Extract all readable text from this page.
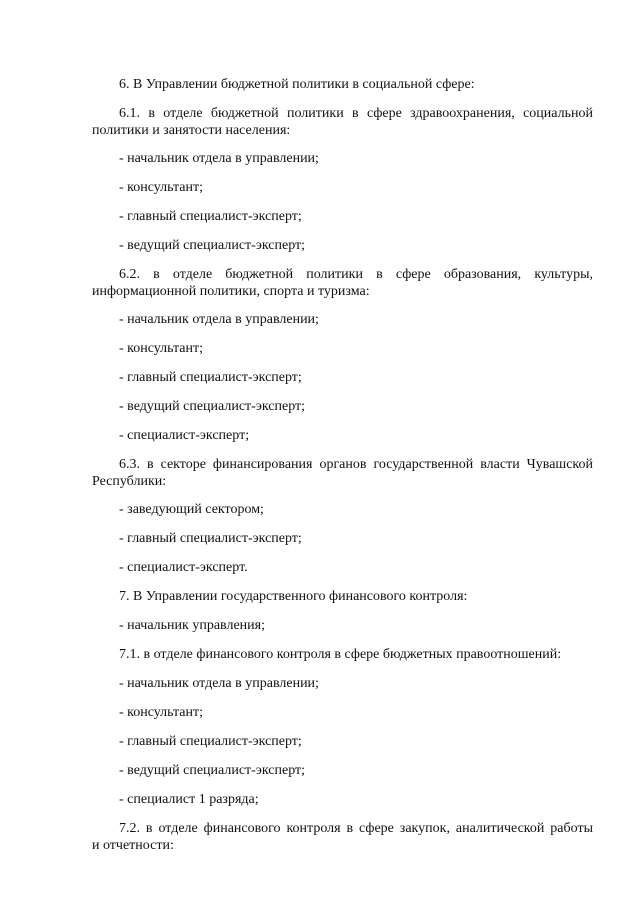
6. В Управлении бюджетной политики в социальной сфере:
6.1. в отделе бюджетной политики в сфере здравоохранения, социальной
политики и занятости населения:
- начальник отдела в управлении;
- консультант;
- главный специалист-эксперт;
- ведущий специалист-эксперт;
6.2. в отделе бюджетной политики в сфере образования, культуры,
информационной политики, спорта и туризма:
- начальник отдела в управлении;
- консультант;
- главный специалист-эксперт;
- ведущий специалист-эксперт;
- специалист-эксперт;
6.3. в секторе финансирования органов государственной власти Чувашской
Республики:
- заведующий сектором;
- главный специалист-эксперт;
- специалист-эксперт.
7. В Управлении государственного финансового контроля:
- начальник управления;
7.1. в отделе финансового контроля в сфере бюджетных правоотношений:
- начальник отдела в управлении;
- консультант;
- главный специалист-эксперт;
- ведущий специалист-эксперт;
- специалист 1 разряда;
7.2. в отделе финансового контроля в сфере закупок, аналитической работы
и отчетности:
